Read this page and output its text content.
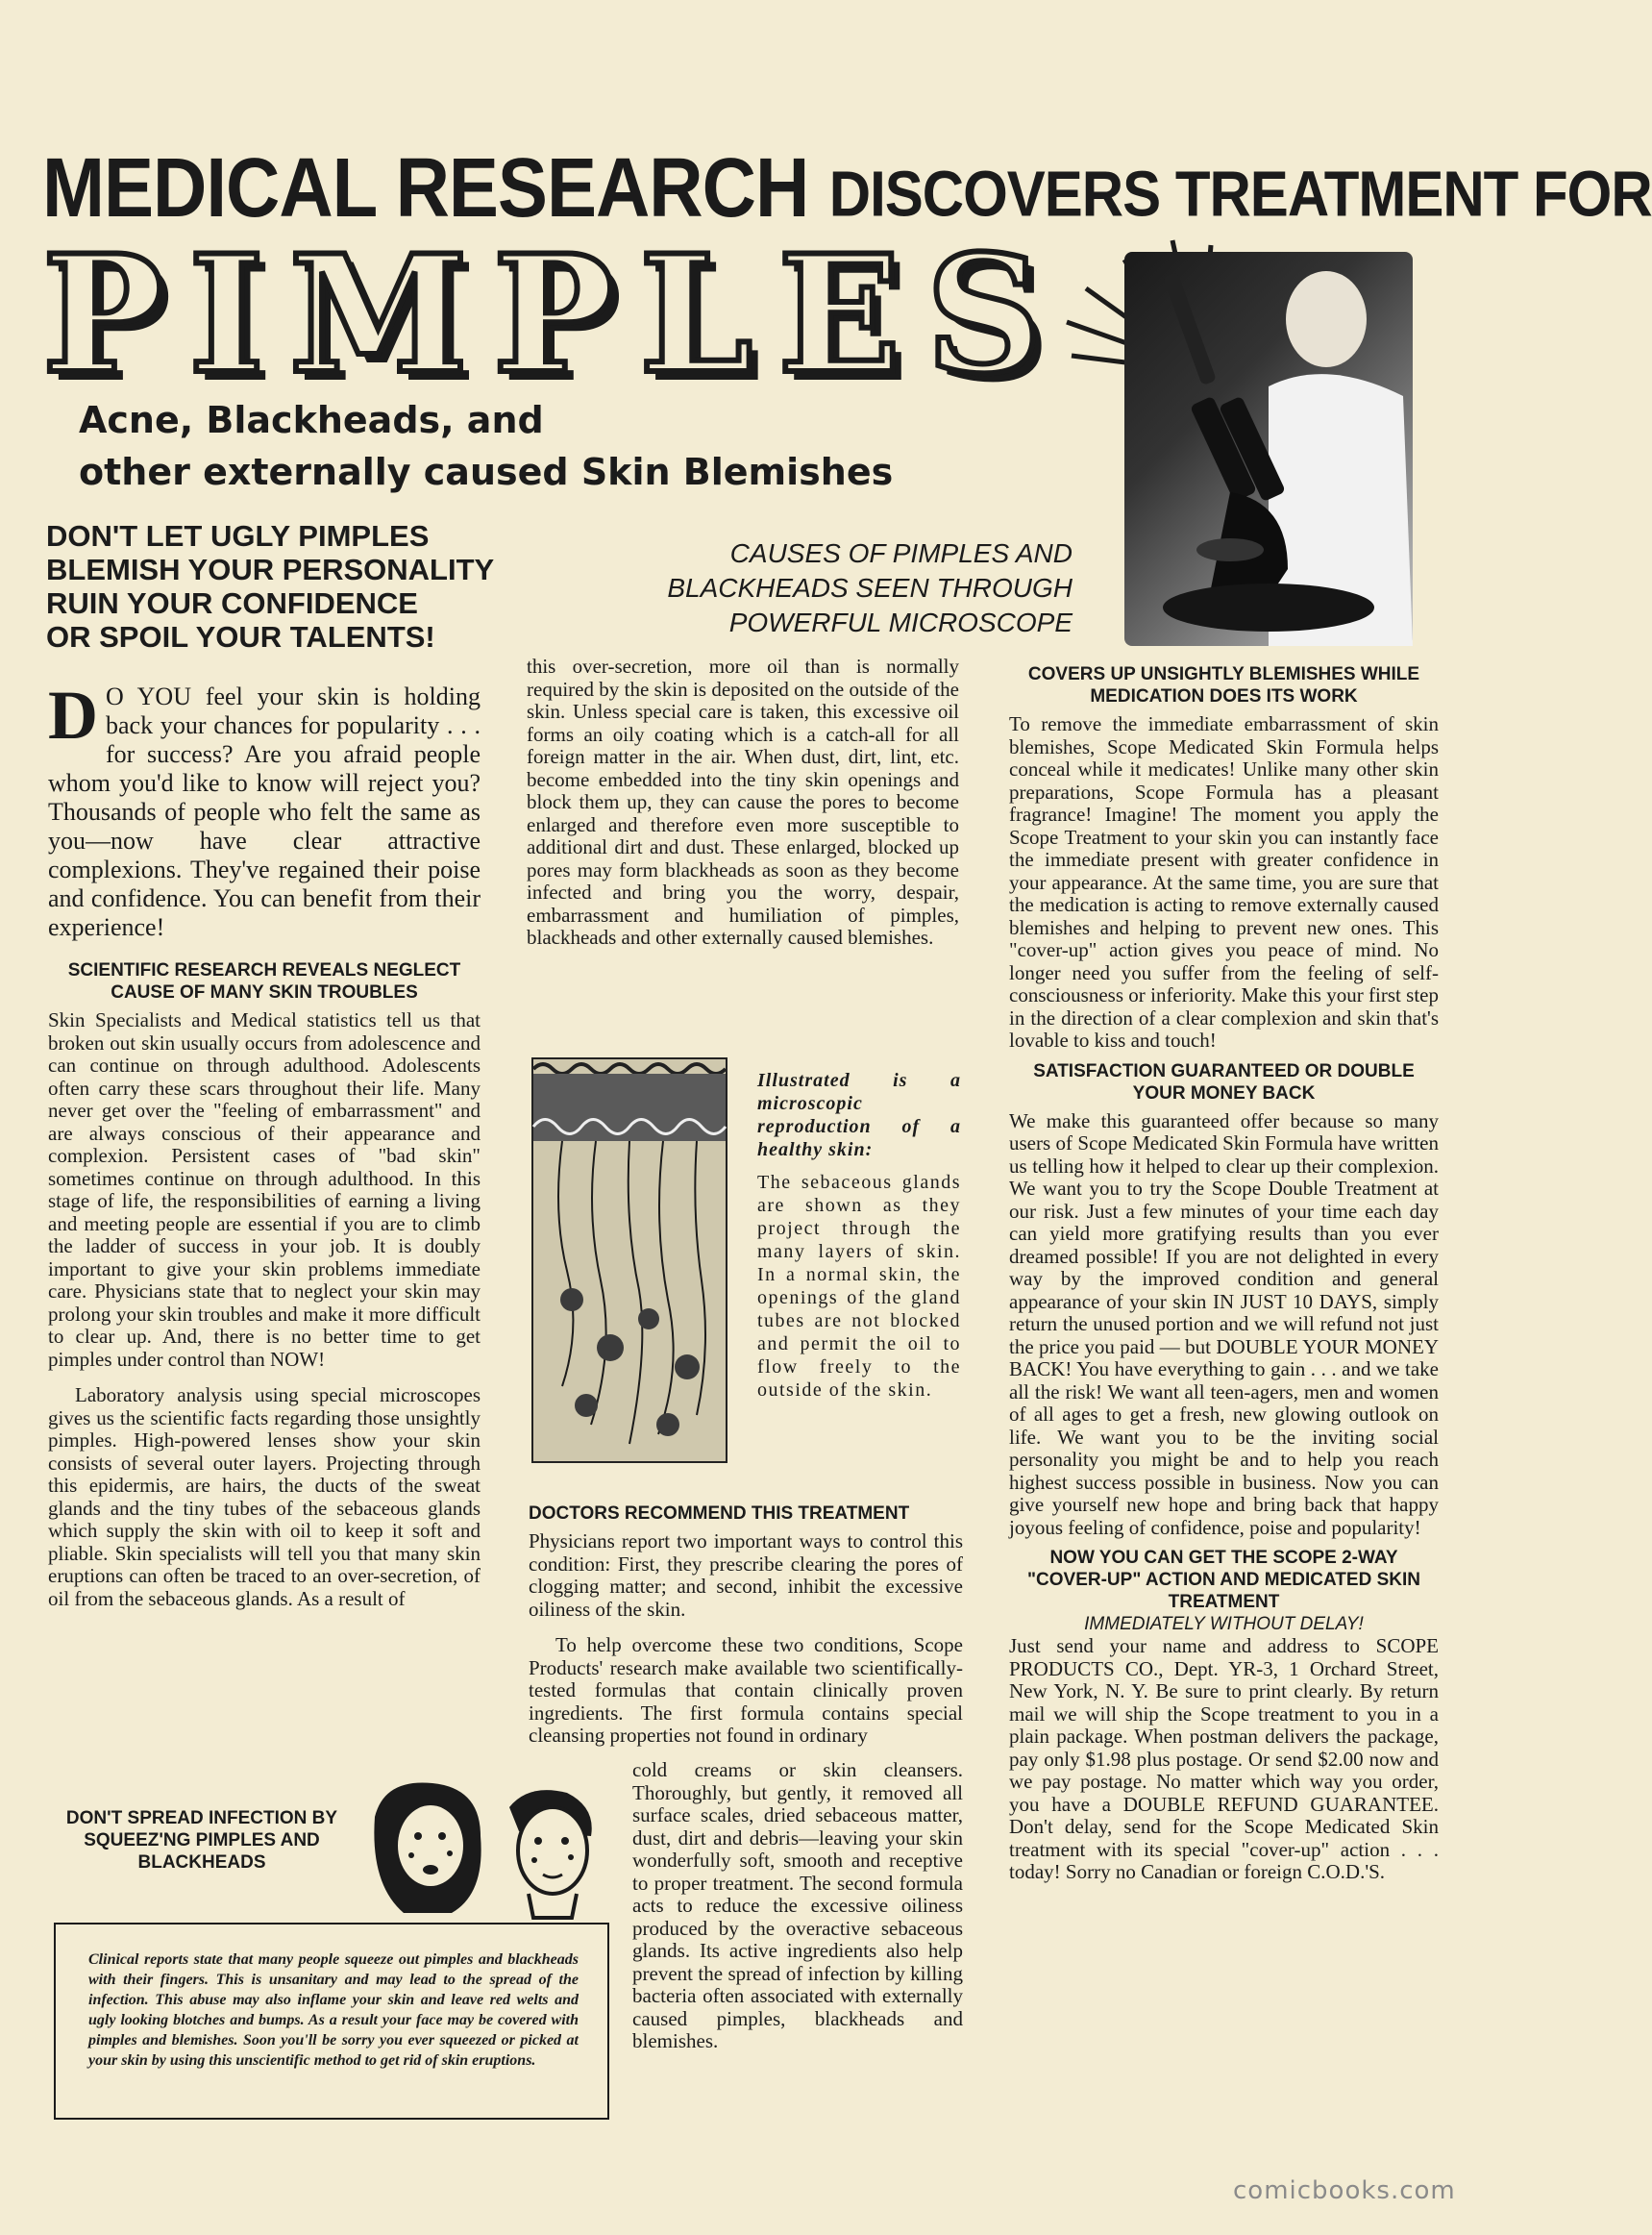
MEDICAL RESEARCH DISCOVERS TREATMENT FOR
PIMPLES
Acne, Blackheads, and
other externally caused Skin Blemishes
DON'T LET UGLY PIMPLES
BLEMISH YOUR PERSONALITY
RUIN YOUR CONFIDENCE
OR SPOIL YOUR TALENTS!
CAUSES OF PIMPLES AND
BLACKHEADS SEEN THROUGH
POWERFUL MICROSCOPE

D O YOU feel your skin is holding back your chances for popularity . . . for success? Are you afraid people whom you'd like to know will reject you? Thousands of people who felt the same as you—now have clear attractive complexions. They've regained their poise and confidence. You can benefit from their experience!

SCIENTIFIC RESEARCH REVEALS NEGLECT CAUSE OF MANY SKIN TROUBLES

Skin Specialists and Medical statistics tell us that broken out skin usually occurs from adolescence and can continue on through adulthood. Adolescents often carry these scars throughout their life. Many never get over the "feeling of embarrassment" and are always conscious of their appearance and complexion. Persistent cases of "bad skin" sometimes continue on through adulthood. In this stage of life, the responsibilities of earning a living and meeting people are essential if you are to climb the ladder of success in your job. It is doubly important to give your skin problems immediate care. Physicians state that to neglect your skin may prolong your skin troubles and make it more difficult to clear up. And, there is no better time to get pimples under control than NOW!

Laboratory analysis using special microscopes gives us the scientific facts regarding those unsightly pimples. High-powered lenses show your skin consists of several outer layers. Projecting through this epidermis, are hairs, the ducts of the sweat glands and the tiny tubes of the sebaceous glands which supply the skin with oil to keep it soft and pliable. Skin specialists will tell you that many skin eruptions can often be traced to an over-secretion, of oil from the sebaceous glands. As a result of

this over-secretion, more oil than is normally required by the skin is deposited on the outside of the skin. Unless special care is taken, this excessive oil forms an oily coating which is a catch-all for all foreign matter in the air. When dust, dirt, lint, etc. become embedded into the tiny skin openings and block them up, they can cause the pores to become enlarged and therefore even more susceptible to additional dirt and dust. These enlarged, blocked up pores may form blackheads as soon as they become infected and bring you the worry, despair, embarrassment and humiliation of pimples, blackheads and other externally caused blemishes.

Illustrated is a microscopic reproduction of a healthy skin:
The sebaceous glands are shown as they project through the many layers of skin. In a normal skin, the openings of the gland tubes are not blocked and permit the oil to flow freely to the outside of the skin.
DOCTORS RECOMMEND THIS TREATMENT

Physicians report two important ways to control this condition: First, they prescribe clearing the pores of clogging matter; and second, inhibit the excessive oiliness of the skin.

To help overcome these two conditions, Scope Products' research make available two scientifically-tested formulas that contain clinically proven ingredients. The first formula contains special cleansing properties not found in ordinary

cold creams or skin cleansers. Thoroughly, but gently, it removed all surface scales, dried sebaceous matter, dust, dirt and debris—leaving your skin wonderfully soft, smooth and receptive to proper treatment. The second formula acts to reduce the excessive oiliness produced by the overactive sebaceous glands. Its active ingredients also help prevent the spread of infection by killing bacteria often associated with externally caused pimples, blackheads and blemishes.

COVERS UP UNSIGHTLY BLEMISHES WHILE MEDICATION DOES ITS WORK

To remove the immediate embarrassment of skin blemishes, Scope Medicated Skin Formula helps conceal while it medicates! Unlike many other skin preparations, Scope Formula has a pleasant fragrance! Imagine! The moment you apply the Scope Treatment to your skin you can instantly face the immediate present with greater confidence in your appearance. At the same time, you are sure that the medication is acting to remove externally caused blemishes and helping to prevent new ones. This "cover-up" action gives you peace of mind. No longer need you suffer from the feeling of self-consciousness or inferiority. Make this your first step in the direction of a clear complexion and skin that's lovable to kiss and touch!

SATISFACTION GUARANTEED OR DOUBLE YOUR MONEY BACK

We make this guaranteed offer because so many users of Scope Medicated Skin Formula have written us telling how it helped to clear up their complexion. We want you to try the Scope Double Treatment at our risk. Just a few minutes of your time each day can yield more gratifying results than you ever dreamed possible! If you are not delighted in every way by the improved condition and general appearance of your skin IN JUST 10 DAYS, simply return the unused portion and we will refund not just the price you paid — but DOUBLE YOUR MONEY BACK! You have everything to gain . . . and we take all the risk! We want all teen-agers, men and women of all ages to get a fresh, new glowing outlook on life. We want you to be the inviting social personality you might be and to help you reach highest success possible in business. Now you can give yourself new hope and bring back that happy joyous feeling of confidence, poise and popularity!

NOW YOU CAN GET THE SCOPE 2-WAY "COVER-UP" ACTION AND MEDICATED SKIN TREATMENT
IMMEDIATELY WITHOUT DELAY!

Just send your name and address to SCOPE PRODUCTS CO., Dept. YR-3, 1 Orchard Street, New York, N. Y. Be sure to print clearly. By return mail we will ship the Scope treatment to you in a plain package. When postman delivers the package, pay only $1.98 plus postage. Or send $2.00 now and we pay postage. No matter which way you order, you have a DOUBLE REFUND GUARANTEE. Don't delay, send for the Scope Medicated Skin treatment with its special "cover-up" action . . . today! Sorry no Canadian or foreign C.O.D.'S.

DON'T SPREAD INFECTION BY SQUEEZ'NG PIMPLES AND BLACKHEADS

Clinical reports state that many people squeeze out pimples and blackheads with their fingers. This is unsanitary and may lead to the spread of the infection. This abuse may also inflame your skin and leave red welts and ugly looking blotches and bumps. As a result your face may be covered with pimples and blemishes. Soon you'll be sorry you ever squeezed or picked at your skin by using this unscientific method to get rid of skin eruptions.

comicbooks.com
